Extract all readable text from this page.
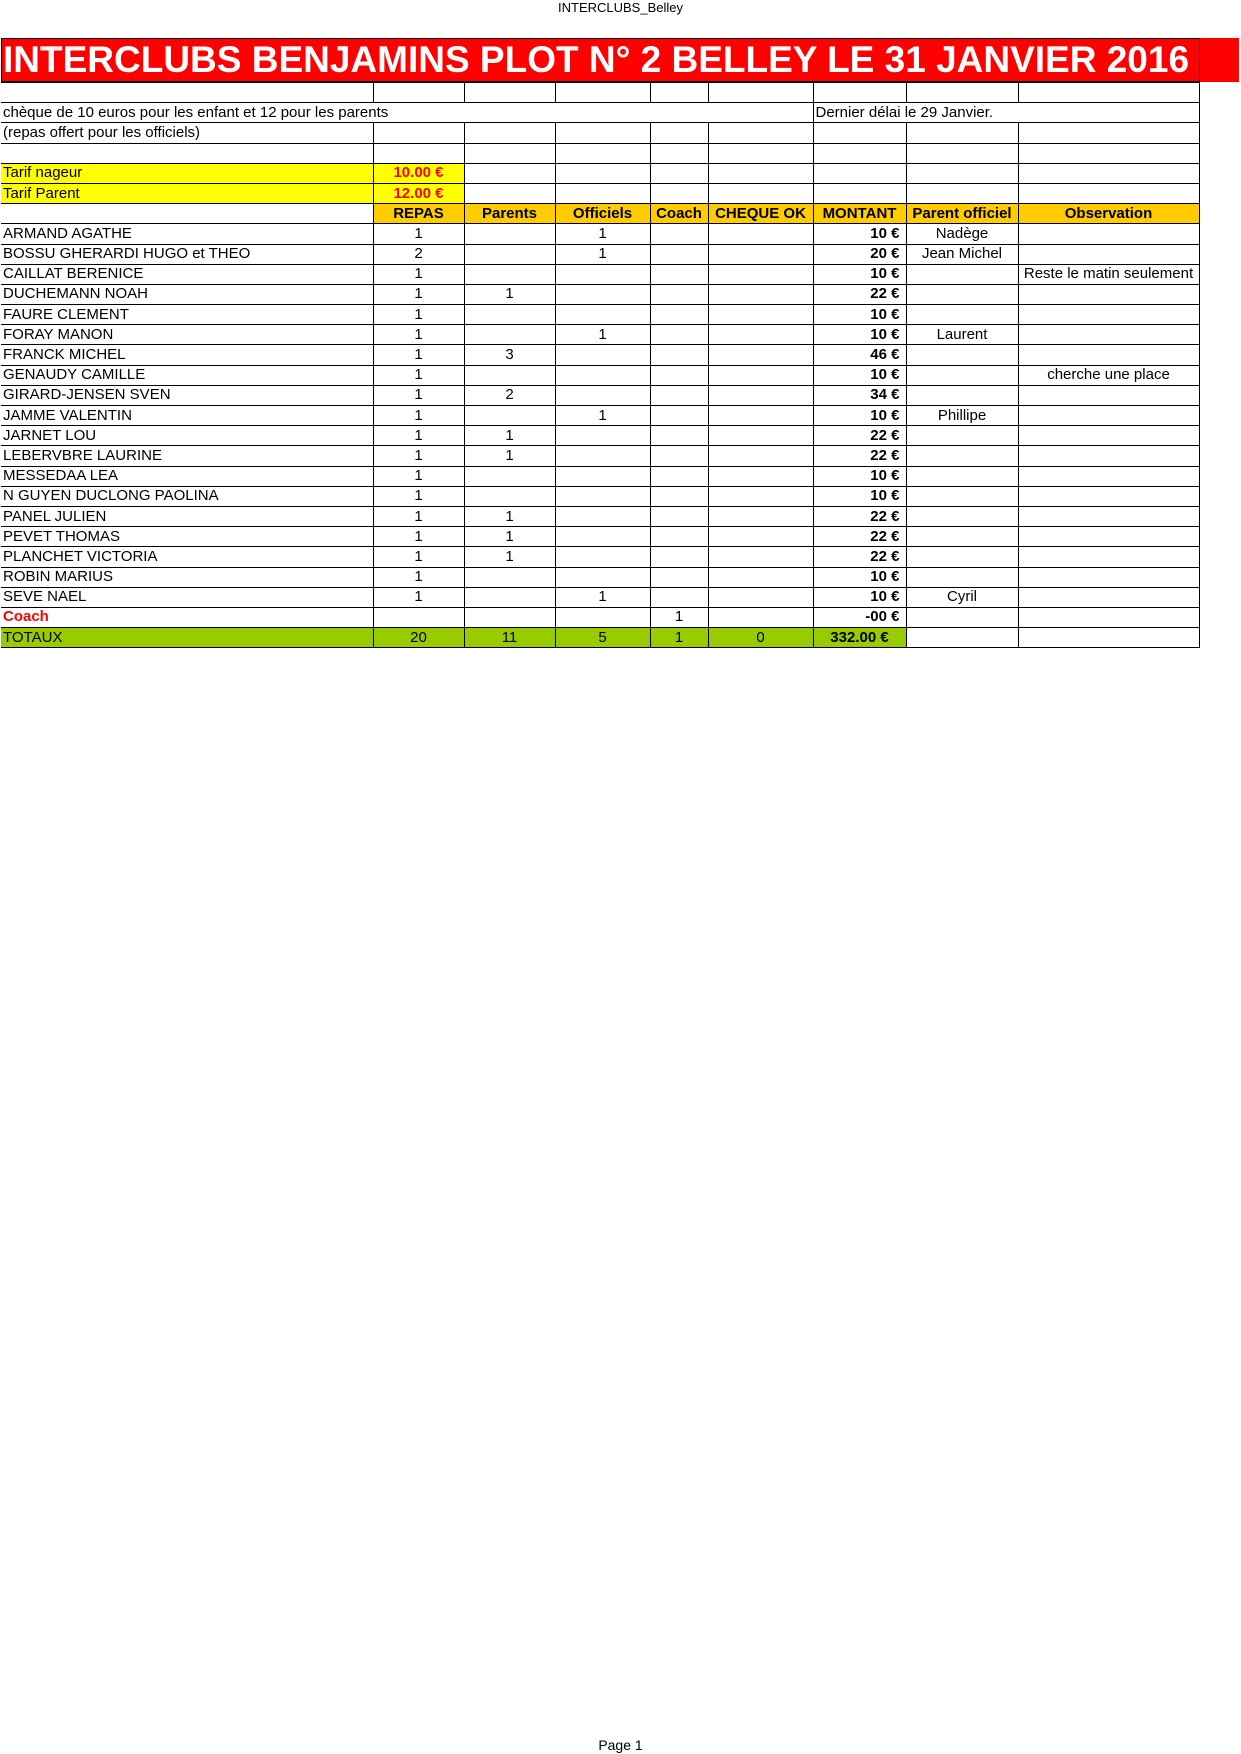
INTERCLUBS_Belley
INTERCLUBS BENJAMINS PLOT N° 2 BELLEY LE 31 JANVIER 2016

chèque de 10 euros pour les enfant et 12 pour les parents						Dernier délai le 29 Janvier.		
(repas offert pour les officiels)								

Tarif nageur	10.00 €							
Tarif Parent	12.00 €							
	REPAS	Parents	Officiels	Coach	CHEQUE OK	MONTANT	Parent officiel	Observation
ARMAND AGATHE	1		1			10 €	Nadège	
BOSSU GHERARDI HUGO et THEO	2		1			20 €	Jean Michel	
CAILLAT BERENICE	1					10 €		Reste le matin seulement
DUCHEMANN NOAH	1	1				22 €		
FAURE CLEMENT	1					10 €		
FORAY MANON	1		1			10 €	Laurent	
FRANCK MICHEL	1	3				46 €		
GENAUDY CAMILLE	1					10 €		cherche une place
GIRARD-JENSEN SVEN	1	2				34 €		
JAMME VALENTIN	1		1			10 €	Phillipe	
JARNET LOU	1	1				22 €		
LEBERVBRE LAURINE	1	1				22 €		
MESSEDAA LEA	1					10 €		
N GUYEN DUCLONG PAOLINA	1					10 €		
PANEL JULIEN	1	1				22 €		
PEVET THOMAS	1	1				22 €		
PLANCHET VICTORIA	1	1				22 €		
ROBIN MARIUS	1					10 €		
SEVE NAEL	1		1			10 €	Cyril	
Coach				1		-00 €		
TOTAUX	20	11	5	1	0	332.00 €		
Page 1
